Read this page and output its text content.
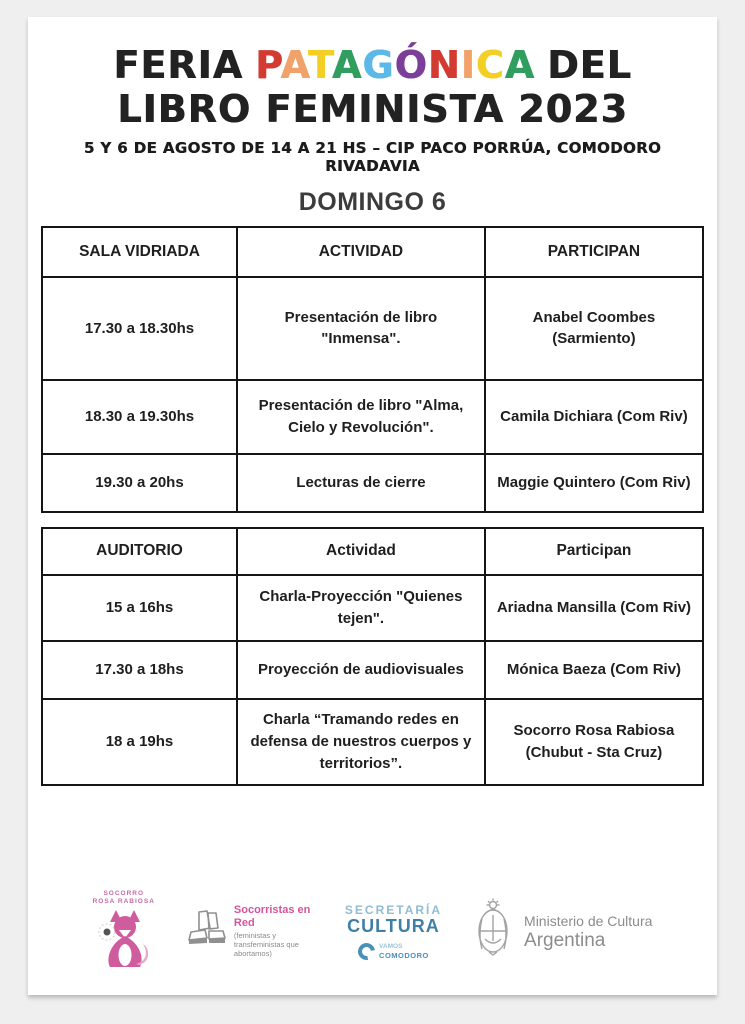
FERIA PATAGÓNICA DEL
LIBRO FEMINISTA 2023
5 Y 6 DE AGOSTO DE 14 A 21 HS – CIP PACO PORRÚA, COMODORO RIVADAVIA
DOMINGO 6
SALA VIDRIADA	ACTIVIDAD	PARTICIPAN
17.30 a 18.30hs	Presentación de libro "Inmensa".	Anabel Coombes (Sarmiento)
18.30 a 19.30hs	Presentación de libro "Alma, Cielo y Revolución".	Camila Dichiara (Com Riv)
19.30 a 20hs	Lecturas de cierre	Maggie Quintero (Com Riv)
AUDITORIO	Actividad	Participan
15 a 16hs	Charla-Proyección "Quienes tejen".	Ariadna Mansilla (Com Riv)
17.30 a 18hs	Proyección de audiovisuales	Mónica Baeza (Com Riv)
18 a 19hs	Charla “Tramando redes en defensa de nuestros cuerpos y territorios”.	Socorro Rosa Rabiosa (Chubut - Sta Cruz)
SOCORRO
ROSA RABIOSA
Socorristas en Red
(feministas y transfeministas que abortamos)
SECRETARÍA
CULTURA
VAMOS
COMODORO
Ministerio de Cultura
Argentina
